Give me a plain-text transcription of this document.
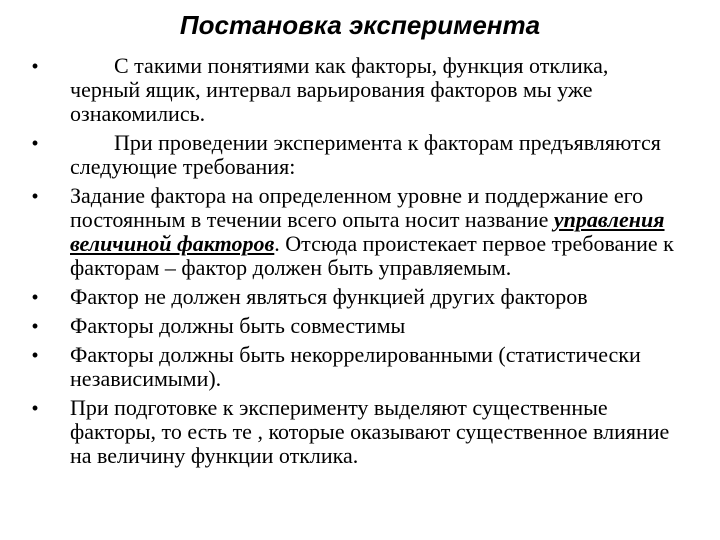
Постановка эксперимента
•	С такими понятиями как факторы, функция отклика, черный ящик, интервал варьирования факторов мы уже ознакомились.
•	При проведении эксперимента к факторам предъявляются следующие требования:
• Задание фактора на определенном уровне и поддержание его постоянным в течении всего опыта носит название управления величиной факторов. Отсюда проистекает первое требование к факторам – фактор должен быть управляемым.
• Фактор не должен являться функцией других факторов
• Факторы должны быть совместимы
• Факторы должны быть некоррелированными (статистически независимыми).
• При подготовке к эксперименту выделяют существенные факторы, то есть те , которые оказывают существенное влияние на величину функции отклика.
